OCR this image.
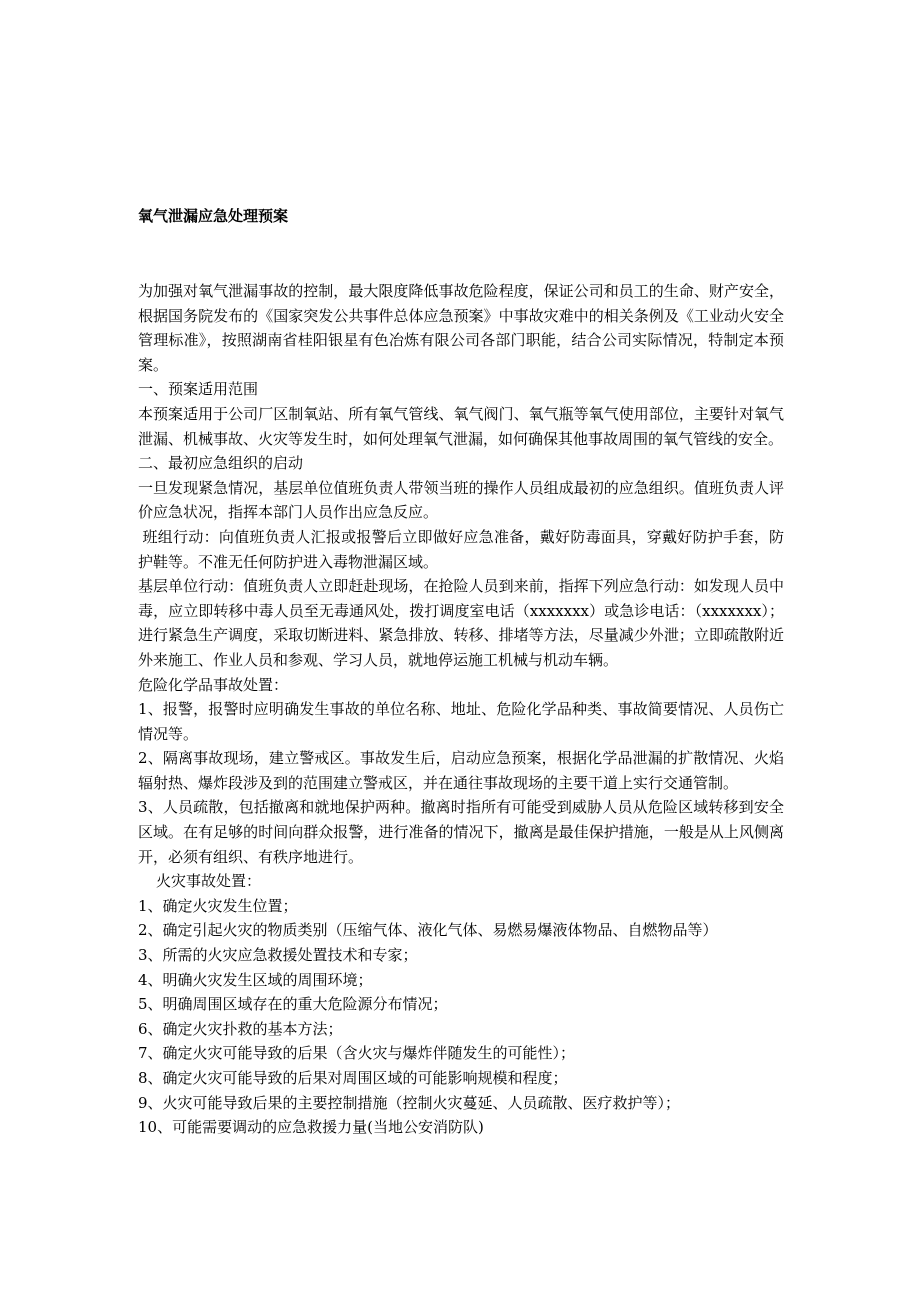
氧气泄漏应急处理预案

为加强对氧气泄漏事故的控制，最大限度降低事故危险程度，保证公司和员工的生命、财产安全，根据国务院发布的《国家突发公共事件总体应急预案》中事故灾难中的相关条例及《工业动火安全管理标准》，按照湖南省桂阳银星有色冶炼有限公司各部门职能，结合公司实际情况，特制定本预案。

一、预案适用范围

本预案适用于公司厂区制氧站、所有氧气管线、氧气阀门、氧气瓶等氧气使用部位，主要针对氧气泄漏、机械事故、火灾等发生时，如何处理氧气泄漏，如何确保其他事故周围的氧气管线的安全。

二、最初应急组织的启动

一旦发现紧急情况，基层单位值班负责人带领当班的操作人员组成最初的应急组织。值班负责人评价应急状况，指挥本部门人员作出应急反应。

班组行动：向值班负责人汇报或报警后立即做好应急准备，戴好防毒面具，穿戴好防护手套，防护鞋等。不准无任何防护进入毒物泄漏区域。

基层单位行动：值班负责人立即赶赴现场，在抢险人员到来前，指挥下列应急行动：如发现人员中毒，应立即转移中毒人员至无毒通风处，拨打调度室电话（xxxxxxx）或急诊电话：（xxxxxxx）；进行紧急生产调度，采取切断进料、紧急排放、转移、排堵等方法，尽量减少外泄；立即疏散附近外来施工、作业人员和参观、学习人员，就地停运施工机械与机动车辆。

危险化学品事故处置：

1、报警，报警时应明确发生事故的单位名称、地址、危险化学品种类、事故简要情况、人员伤亡情况等。

2、隔离事故现场，建立警戒区。事故发生后，启动应急预案，根据化学品泄漏的扩散情况、火焰辐射热、爆炸段涉及到的范围建立警戒区，并在通往事故现场的主要干道上实行交通管制。

3、人员疏散，包括撤离和就地保护两种。撤离时指所有可能受到威胁人员从危险区域转移到安全区域。在有足够的时间向群众报警，进行准备的情况下，撤离是最佳保护措施，一般是从上风侧离开，必须有组织、有秩序地进行。

火灾事故处置：

1、确定火灾发生位置；

2、确定引起火灾的物质类别（压缩气体、液化气体、易燃易爆液体物品、自燃物品等）

3、所需的火灾应急救援处置技术和专家；

4、明确火灾发生区域的周围环境；

5、明确周围区域存在的重大危险源分布情况；

6、确定火灾扑救的基本方法；

7、确定火灾可能导致的后果（含火灾与爆炸伴随发生的可能性）；

8、确定火灾可能导致的后果对周围区域的可能影响规模和程度；

9、火灾可能导致后果的主要控制措施（控制火灾蔓延、人员疏散、医疗救护等）；

10、可能需要调动的应急救援力量(当地公安消防队)
